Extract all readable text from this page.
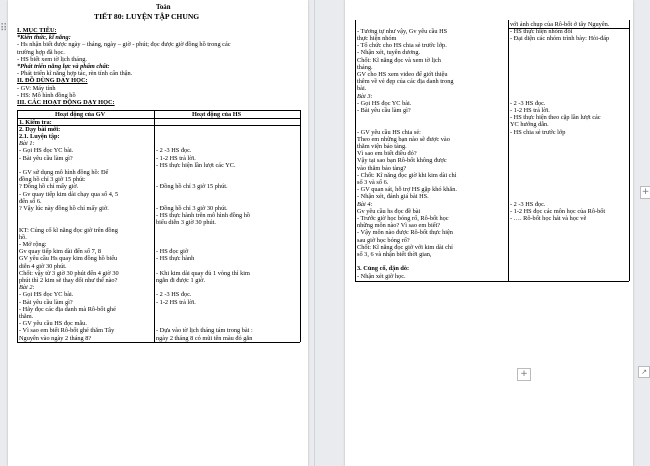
⠿
Toán
TIẾT 80: LUYỆN TẬP CHUNG
I. MỤC TIÊU:
*Kiến thức, kĩ năng:
- Hs nhận biết được ngày – tháng, ngày – giờ - phút; đọc được giờ đồng hồ trong các
trường hợp đã học.
- HS biết xem tờ lịch tháng.
*Phát triển năng lực và phẩm chất:
- Phát triển kĩ năng hợp tác, rèn tính cẩn thận.
II. ĐỒ DÙNG DẠY HỌC:
- GV: Máy tính
- HS: Mô hình đồng hồ
III. CÁC HOẠT ĐỘNG DẠY HỌC:
Hoạt động của GV	Hoạt động của HS
1. Kiểm tra:
2. Dạy bài mới:
2.1. Luyện tập:
Bài 1:
- Gọi HS đọc YC bài.
- Bài yêu cầu làm gì?
- GV sử dụng mô hình đồng hồ: Để
đồng hồ chỉ 3 giờ 15 phút:
? Đồng hồ chỉ mấy giờ.
- Gv quay tiếp kim dài chạy qua số 4, 5
đến số 6.
? Vậy lúc này đồng hồ chỉ mấy giờ.
KT: Củng cố kĩ năng đọc giờ trên đồng
hồ.
- Mở rộng:
Gv quay tiếp kim dài đến số 7, 8
GV yêu cầu Hs quay kim đồng hồ biểu
diễn 4 giờ 30 phút.
Chốt: vậy từ 3 giờ 30 phút đến 4 giờ 30
phút thì 2 kim sẽ thay đổi như thế nào?
Bài 2:
- Gọi HS đọc YC bài.
- Bài yêu cầu làm gì?
- Hãy đọc các địa danh mà Rô-bốt ghé
thăm.
- GV yêu cầu HS đọc mẫu.
- Vì sao em biết Rô-bốt ghé thăm Tây
Nguyên vào ngày 2 tháng 8?
- 2 -3 HS đọc.
- 1-2 HS trả lời.
- HS thực hiện lần lượt các YC.
- Đồng hồ chỉ 3 giờ 15 phút.
- Đồng hồ chỉ 3 giờ 30 phút.
- HS thực hành trên mô hình đồng hồ
biểu diễn 3 giờ 30 phút.
- HS đọc giờ
- HS thực hành
- Khi kim dài quay đủ 1 vòng thì kim
ngắn đi được 1 giờ.
- 2 -3 HS đọc.
- 1-2 HS trả lời.
- Dựa vào tờ lịch tháng tám trong bài :
ngày 2 tháng 8 có mũi tên màu đỏ gắn
- Tương tự như vậy, Gv yêu cầu HS
thực hiện nhóm
- Tổ chức cho HS chia sẻ trước lớp.
- Nhận xét, tuyên dương.
Chốt: Kĩ năng đọc và xem tờ lịch
tháng.
GV cho HS xem video để giới thiệu
thêm về vẻ đẹp của các địa danh trong
bài.
Bài 3:
- Gọi HS đọc YC bài.
- Bài yêu cầu làm gì?
- GV yêu cầu HS chia sẻ:
Theo em những bạn nào sẽ được vào
thăm viện bảo tàng.
Vì sao em biết điều đó?
Vậy tại sao bạn Rô-bốt không được
vào thăm bảo tàng?
- Chốt: Kĩ năng đọc giờ khi kim dài chỉ
số 3 và số 6.
- GV quan sát, hỗ trợ HS gặp khó khăn.
- Nhận xét, đánh giá bài HS.
Bài 4:
Gv yêu cầu hs đọc đề bài
- Trước giờ học bóng rổ, Rô-bốt học
những môn nào? Vì sao em biết?
- Vậy môn nào được Rô-bốt thực hiện
sau giờ học bóng rổ?
Chốt: Kĩ năng đọc giờ với kim dài chỉ
số 3, 6 và nhận biết thời gian,
3. Củng cố, dặn dò:
- Nhận xét giờ học.
với ảnh chụp của Rô-bốt ở tây Nguyên.
- HS thực hiện nhóm đôi
- Đại diện các nhóm trình bày: Hỏi-đáp
- 2 -3 HS đọc.
- 1-2 HS trả lời.
- HS thực hiện theo cặp lần lượt các
YC hướng dẫn.
- HS chia sẻ trước lớp
- 2 -3 HS đọc.
- 1-2 HS đọc các môn học của Rô-bốt
- …. Rô-bốt học hát và học vẽ
+
+
↗
